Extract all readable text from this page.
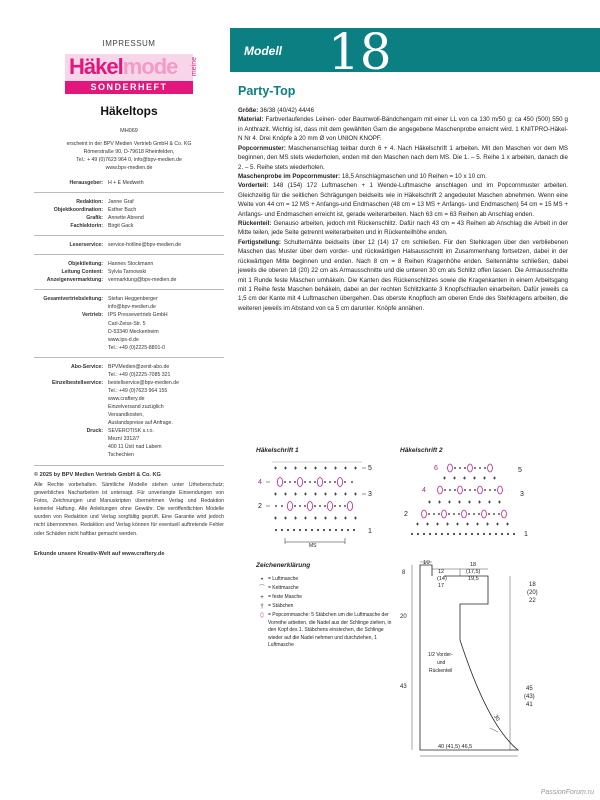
IMPRESSUM
Häkelmode meine
SONDERHEFT
Häkeltops
MH069
erscheint in der BPV Medien Vertrieb GmbH & Co. KG
Römerstraße 90, D-79618 Rheinfelden,
Tel.: + 49 (0)7623 964 0, info@bpv-medien.de
www.bpv-medien.de
Herausgeber: H + E Medweth
Redaktion: Janne Graf
Objektkoordination: Esther Bach
Grafik: Annette Abrend
Fachlektorin: Birgit Gack
Leserservice: service-hotline@bpv-medien.de
Objektleitung: Hannes Stockmann
Leitung Content: Sylvia Tarnowski
Anzeigenvermarktung: vermarktung@bpv-medien.de
Gesamtvertriebsleitung: Stefan Heggenberger
info@bpv-medien.de
Vertrieb: IPS Pressevertrieb GmbH
Carl-Zeiss-Str. 5
D-53340 Meckenheim
www.ips-d.de
Tel.: +49 (0)2225-8801-0
Abo-Service: BPVMedien@zenit-abo.de
Tel.: +49 (0)2225-7085 321
Einzelbestellservice: bestellservice@bpv-medien.de
Tel.: +49 (0)7623 964 155
www.craftery.de
Einzelversand zuzüglich
Versandkosten,
Auslandspreise auf Anfrage.
Druck: SEVEROTISK s.r.o.
Mezní 3312/7
400 11 Ústí nad Labem
Tschechien
© 2025 by BPV Medien Vertrieb GmbH & Co. KG
Alle Rechte vorbehalten. Sämtliche Modelle stehen unter Urheberschutz; gewerbliches Nacharbeiten ist untersagt. Für unverlangte Einsendungen von Fotos, Zeichnungen und Manuskripten übernehmen Verlag und Redaktion keinerlei Haftung. Alle Anleitungen ohne Gewähr. Die veröffentlichten Modelle wurden von Redaktion und Verlag sorgfältig geprüft. Eine Garantie wird jedoch nicht übernommen. Redaktion und Verlag können für eventuell auftretende Fehler oder Schäden nicht haftbar gemacht werden.
Erkunde unsere Kreativ-Welt auf www.craftery.de
Modell 18
Party-Top
Größe: 36/38 (40/42) 44/46
Material: Farbverlaufendes Leinen- oder Baumwoll-Bändchengarn mit einer LL von ca 130 m/50 g: ca 450 (500) 550 g in Anthrazit. Wichtig ist, dass mit dem gewählten Garn die angegebene Maschenprobe erreicht wird. 1 KNITPRO-Häkel-N Nr 4. Drei Knöpfe à 20 mm Ø von UNION KNOPF.
Popcornmuster: Maschenanschlag teilbar durch 6 + 4. Nach Häkelschrift 1 arbeiten. Mit den Maschen vor dem MS beginnen, den MS stets wiederholen, enden mit den Maschen nach dem MS. Die 1. – 5. Reihe 1 x arbeiten, danach die 2. – 5. Reihe stets wiederholen.
Maschenprobe im Popcornmuster: 18,5 Anschlagmaschen und 10 Reihen = 10 x 10 cm.
Vorderteil: 148 (154) 172 Luftmaschen + 1 Wende-Luftmasche anschlagen und im Popcornmuster arbeiten. Gleichzeitig für die seitlichen Schrägungen beidseits wie in Häkelschrift 2 angedeutet Maschen abnehmen. Wenn eine Weite von 44 cm = 12 MS + Anfangs-und Endmaschen (48 cm = 13 MS + Anfangs- und Endmaschen) 54 cm = 15 MS + Anfangs- und Endmaschen erreicht ist, gerade weiterarbeiten. Nach 63 cm = 63 Reihen ab Anschlag enden.
Rückenteil: Genauso arbeiten, jedoch mit Rückenschlitz. Dafür nach 43 cm = 43 Reihen ab Anschlag die Arbeit in der Mitte teilen, jede Seite getrennt weiterarbeiten und in Rückenteilhöhe enden.
Fertigstellung: Schulternähte beidseits über 12 (14) 17 cm schließen. Für den Stehkragen über den verbliebenen Maschen das Muster über dem vorder- und rückwärtigen Halsausschnitt im Zusammenhang fortsetzen, dabei in der rückwärtigen Mitte beginnen und enden. Nach 8 cm = 8 Reihen Kragenhöhe enden. Seitennähte schließen, dabei jeweils die oberen 18 (20) 22 cm als Armausschnitte und die unteren 30 cm als Schlitz offen lassen. Die Armausschnitte mit 1 Runde feste Maschen umhäkeln. Die Kanten des Rückenschlitzes sowie die Kragenkanten in einem Arbeitsgang mit 1 Reihe feste Maschen behäkeln, dabei an der rechten Schlitzkante 3 Knopfschlaufen einarbeiten. Dafür jeweils ca 1,5 cm der Kante mit 4 Luftmaschen übergehen. Das oberste Knopfloch am oberen Ende des Stehkragens arbeiten, die weiteren jeweils im Abstand von ca 5 cm darunter. Knöpfe annähen.
Häkelschrift 1
MS
5
3
1
4
2
Häkelschrift 2
5
3
1
6
4
2
Zeichenerklärung
• = Luftmasche
⌒ = Kettmasche
+ = feste Masche
† = Stäbchen
⬯ = Popcornmasche: 5 Stäbchen um die Luftmasche der Vorreihe arbeiten, die Nadel aus der Schlinge ziehen, in den Kopf des 1. Stäbchens einstechen, die Schlinge wieder auf die Nadel nehmen und durchziehen, 1 Luftmasche
10
12
(14)
17
18
(17,5)
19,5
8
20
43
18
(20)
22
45
(43)
41
1/2 Vorder-
und
Rückenteil
30
40 (41,5) 46,5
PassionForum.ru
